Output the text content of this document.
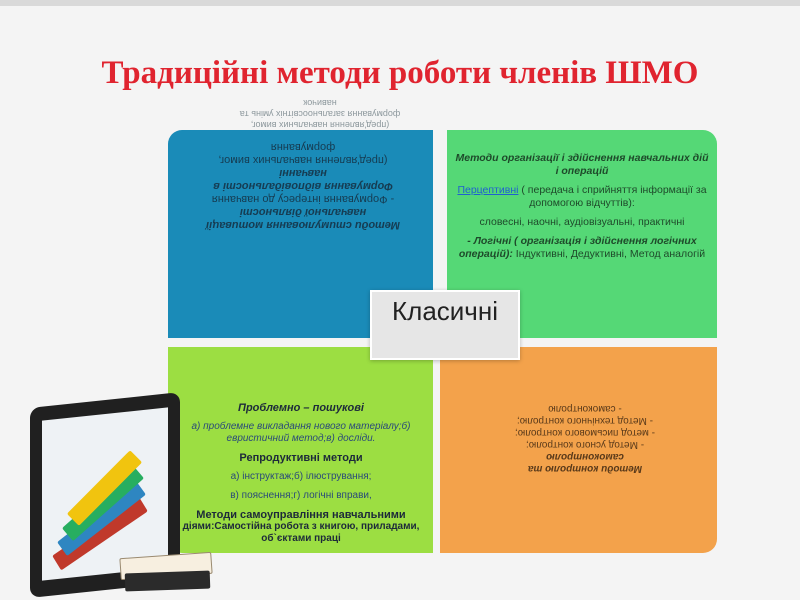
Традиційні методи роботи членів ШМО
(пред'явлення навчальних вимог, формування загальноосвітніх умінь та навичок
Методи стимулювання мотивації навчальної діяльності
- Формування інтересу до навчання
Формування відповідальності в навчанні
(пред'явлення навчальних вимог, формування

Методи організації і здійснення навчальних дій і операцій

Перцептивні ( передача і сприйняття інформації за допомогою відчуттів):

словесні, наочні, аудіовізуальні, практичні

- Логічні ( організація і здійснення логічних операцій): Індуктивні, Дедуктивні, Метод аналогій

Проблемно – пошукові

а) проблемне викладання нового матеріалу;б) евристичний метод;в) досліди.

Репродуктивні методи

а) інструктаж;б) ілюстрування;

в) пояснення;г) логічні вправи,

Методи самоуправління навчальними

діями:Самостійна робота з книгою, приладами, об`єктами праці

Методи контролю та самоконтролю
- Метод усного контролю;
- метод письмового контролю;
- Метод технічного контролю;
- самоконтролю
Класичні
